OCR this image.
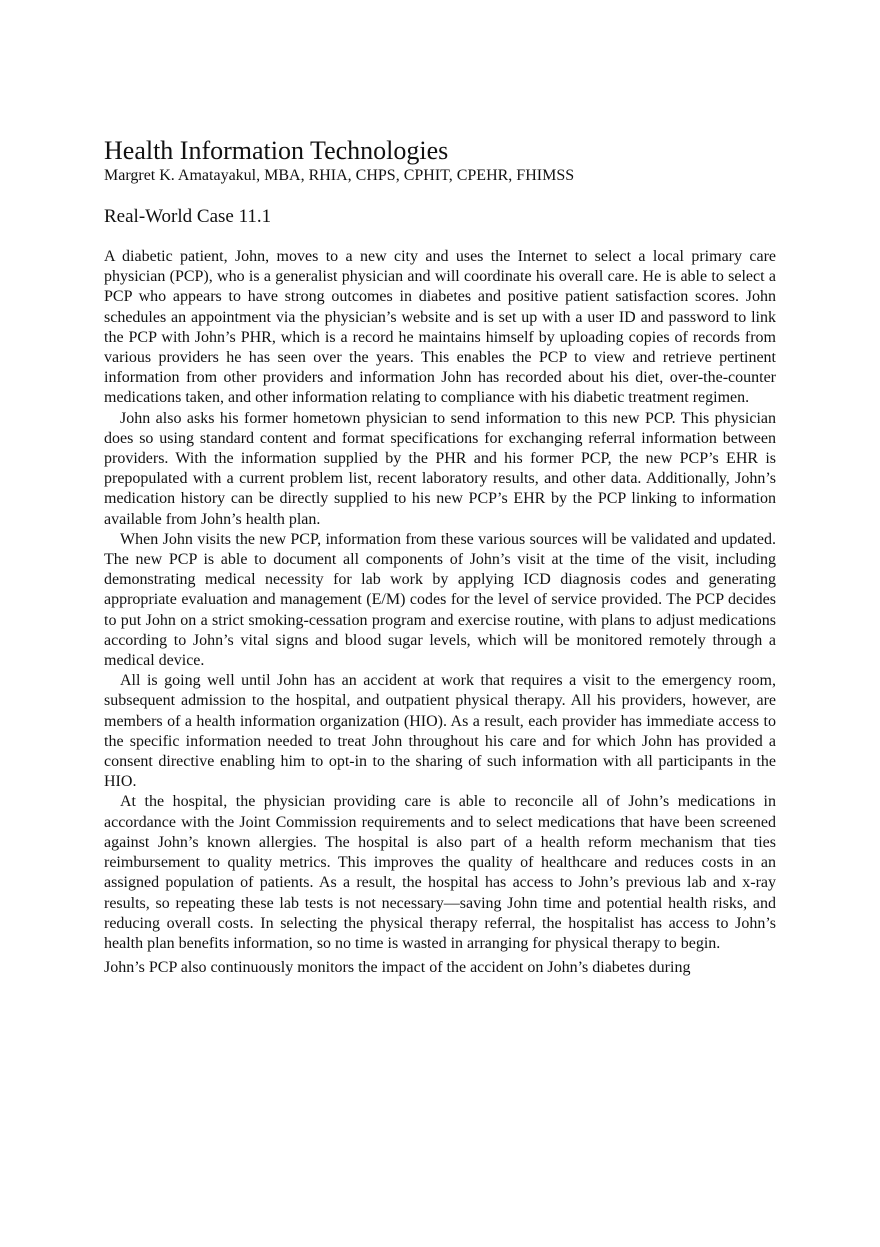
Health Information Technologies

Margret K. Amatayakul, MBA, RHIA, CHPS, CPHIT, CPEHR, FHIMSS

Real-World Case 11.1

A diabetic patient, John, moves to a new city and uses the Internet to select a local primary care physician (PCP), who is a generalist physician and will coordinate his overall care. He is able to select a PCP who appears to have strong outcomes in diabetes and positive patient satisfaction scores. John schedules an appointment via the physician’s website and is set up with a user ID and password to link the PCP with John’s PHR, which is a record he maintains himself by uploading copies of records from various providers he has seen over the years. This enables the PCP to view and retrieve pertinent information from other providers and information John has recorded about his diet, over-the-counter medications taken, and other information relating to compliance with his diabetic treatment regimen.

John also asks his former hometown physician to send information to this new PCP. This physician does so using standard content and format specifications for exchanging referral information between providers. With the information supplied by the PHR and his former PCP, the new PCP’s EHR is prepopulated with a current problem list, recent laboratory results, and other data. Additionally, John’s medication history can be directly supplied to his new PCP’s EHR by the PCP linking to information available from John’s health plan.

When John visits the new PCP, information from these various sources will be validated and updated. The new PCP is able to document all components of John’s visit at the time of the visit, including demonstrating medical necessity for lab work by applying ICD diagnosis codes and generating appropriate evaluation and management (E/M) codes for the level of service provided. The PCP decides to put John on a strict smoking-cessation program and exercise routine, with plans to adjust medications according to John’s vital signs and blood sugar levels, which will be monitored remotely through a medical device.

All is going well until John has an accident at work that requires a visit to the emergency room, subsequent admission to the hospital, and outpatient physical therapy. All his providers, however, are members of a health information organization (HIO). As a result, each provider has immediate access to the specific information needed to treat John throughout his care and for which John has provided a consent directive enabling him to opt-in to the sharing of such information with all participants in the HIO.

At the hospital, the physician providing care is able to reconcile all of John’s medications in accordance with the Joint Commission requirements and to select medications that have been screened against John’s known allergies. The hospital is also part of a health reform mechanism that ties reimbursement to quality metrics. This improves the quality of healthcare and reduces costs in an assigned population of patients. As a result, the hospital has access to John’s previous lab and x-ray results, so repeating these lab tests is not necessary—saving John time and potential health risks, and reducing overall costs. In selecting the physical therapy referral, the hospitalist has access to John’s health plan benefits information, so no time is wasted in arranging for physical therapy to begin.

John’s PCP also continuously monitors the impact of the accident on John’s diabetes during
